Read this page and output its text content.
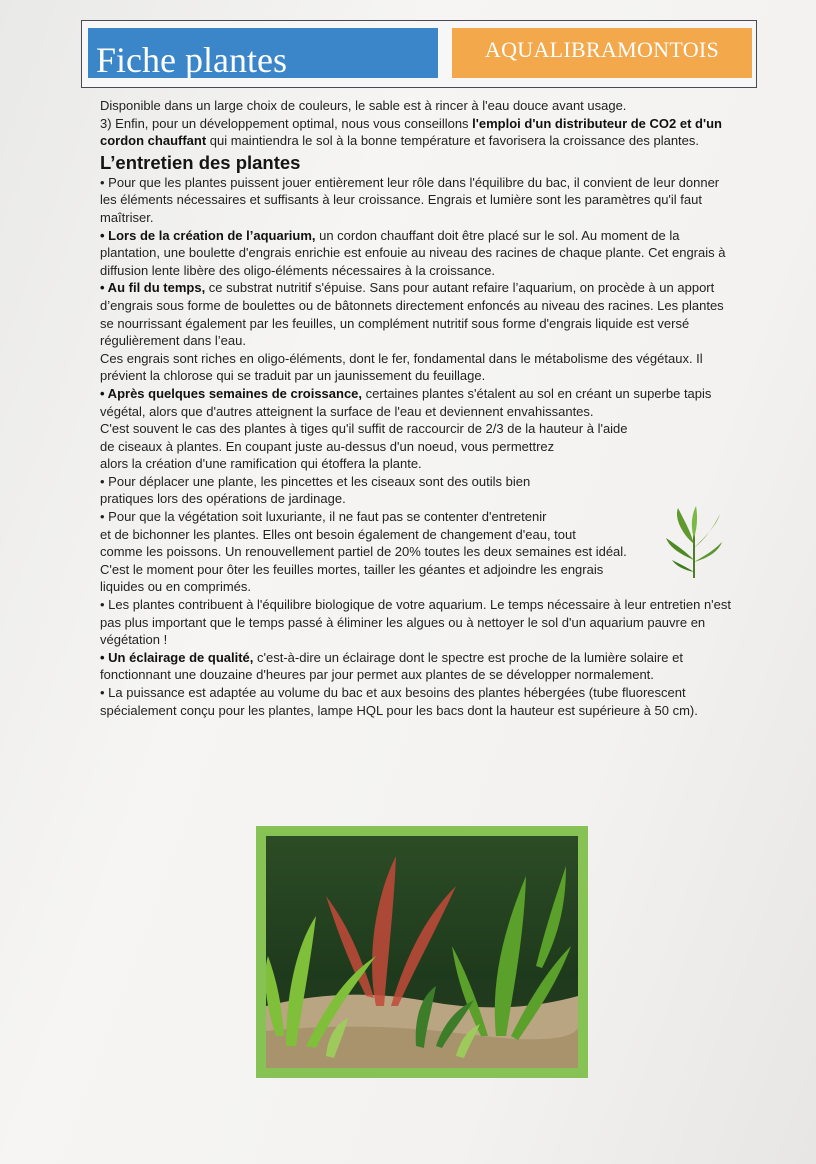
Fiche plantes	AQUALIBRAMONTOIS

Disponible dans un large choix de couleurs, le sable est à rincer à l'eau douce avant usage.

3) Enfin, pour un développement optimal, nous vous conseillons l'emploi d'un distributeur de CO2 et d'un cordon chauffant qui maintiendra le sol à la bonne température et favorisera la croissance des plantes.

L’entretien des plantes

• Pour que les plantes puissent jouer entièrement leur rôle dans l'équilibre du bac, il convient de leur donner les éléments nécessaires et suffisants à leur croissance. Engrais et lumière sont les paramètres qu'il faut maîtriser.

• Lors de la création de l’aquarium, un cordon chauffant doit être placé sur le sol. Au moment de la plantation, une boulette d'engrais enrichie est enfouie au niveau des racines de chaque plante. Cet engrais à diffusion lente libère des oligo-éléments nécessaires à la croissance.

• Au fil du temps, ce substrat nutritif s'épuise. Sans pour autant refaire l’aquarium, on procède à un apport d’engrais sous forme de boulettes ou de bâtonnets directement enfoncés au niveau des racines. Les plantes se nourrissant également par les feuilles, un complément nutritif sous forme d'engrais liquide est versé régulièrement dans l’eau.

Ces engrais sont riches en oligo-éléments, dont le fer, fondamental dans le métabolisme des végétaux. Il prévient la chlorose qui se traduit par un jaunissement du feuillage.

• Après quelques semaines de croissance, certaines plantes s'étalent au sol en créant un superbe tapis végétal, alors que d'autres atteignent la surface de l'eau et deviennent envahissantes.

C'est souvent le cas des plantes à tiges qu'il suffit de raccourcir de 2/3 de la hauteur à l'aide
de ciseaux à plantes. En coupant juste au-dessus d'un noeud, vous permettrez
alors la création d'une ramification qui étoffera la plante.

• Pour déplacer une plante, les pincettes et les ciseaux sont des outils bien
pratiques lors des opérations de jardinage.

• Pour que la végétation soit luxuriante, il ne faut pas se contenter d'entretenir
et de bichonner les plantes. Elles ont besoin également de changement d'eau, tout
comme les poissons. Un renouvellement partiel de 20% toutes les deux semaines est idéal.
C'est le moment pour ôter les feuilles mortes, tailler les géantes et adjoindre les engrais
liquides ou en comprimés.

• Les plantes contribuent à l'équilibre biologique de votre aquarium. Le temps nécessaire à leur entretien n'est pas plus important que le temps passé à éliminer les algues ou à nettoyer le sol d'un aquarium pauvre en végétation !

• Un éclairage de qualité, c'est-à-dire un éclairage dont le spectre est proche de la lumière solaire et fonctionnant une douzaine d'heures par jour permet aux plantes de se développer normalement.

• La puissance est adaptée au volume du bac et aux besoins des plantes hébergées (tube fluorescent spécialement conçu pour les plantes, lampe HQL pour les bacs dont la hauteur est supérieure à 50 cm).
